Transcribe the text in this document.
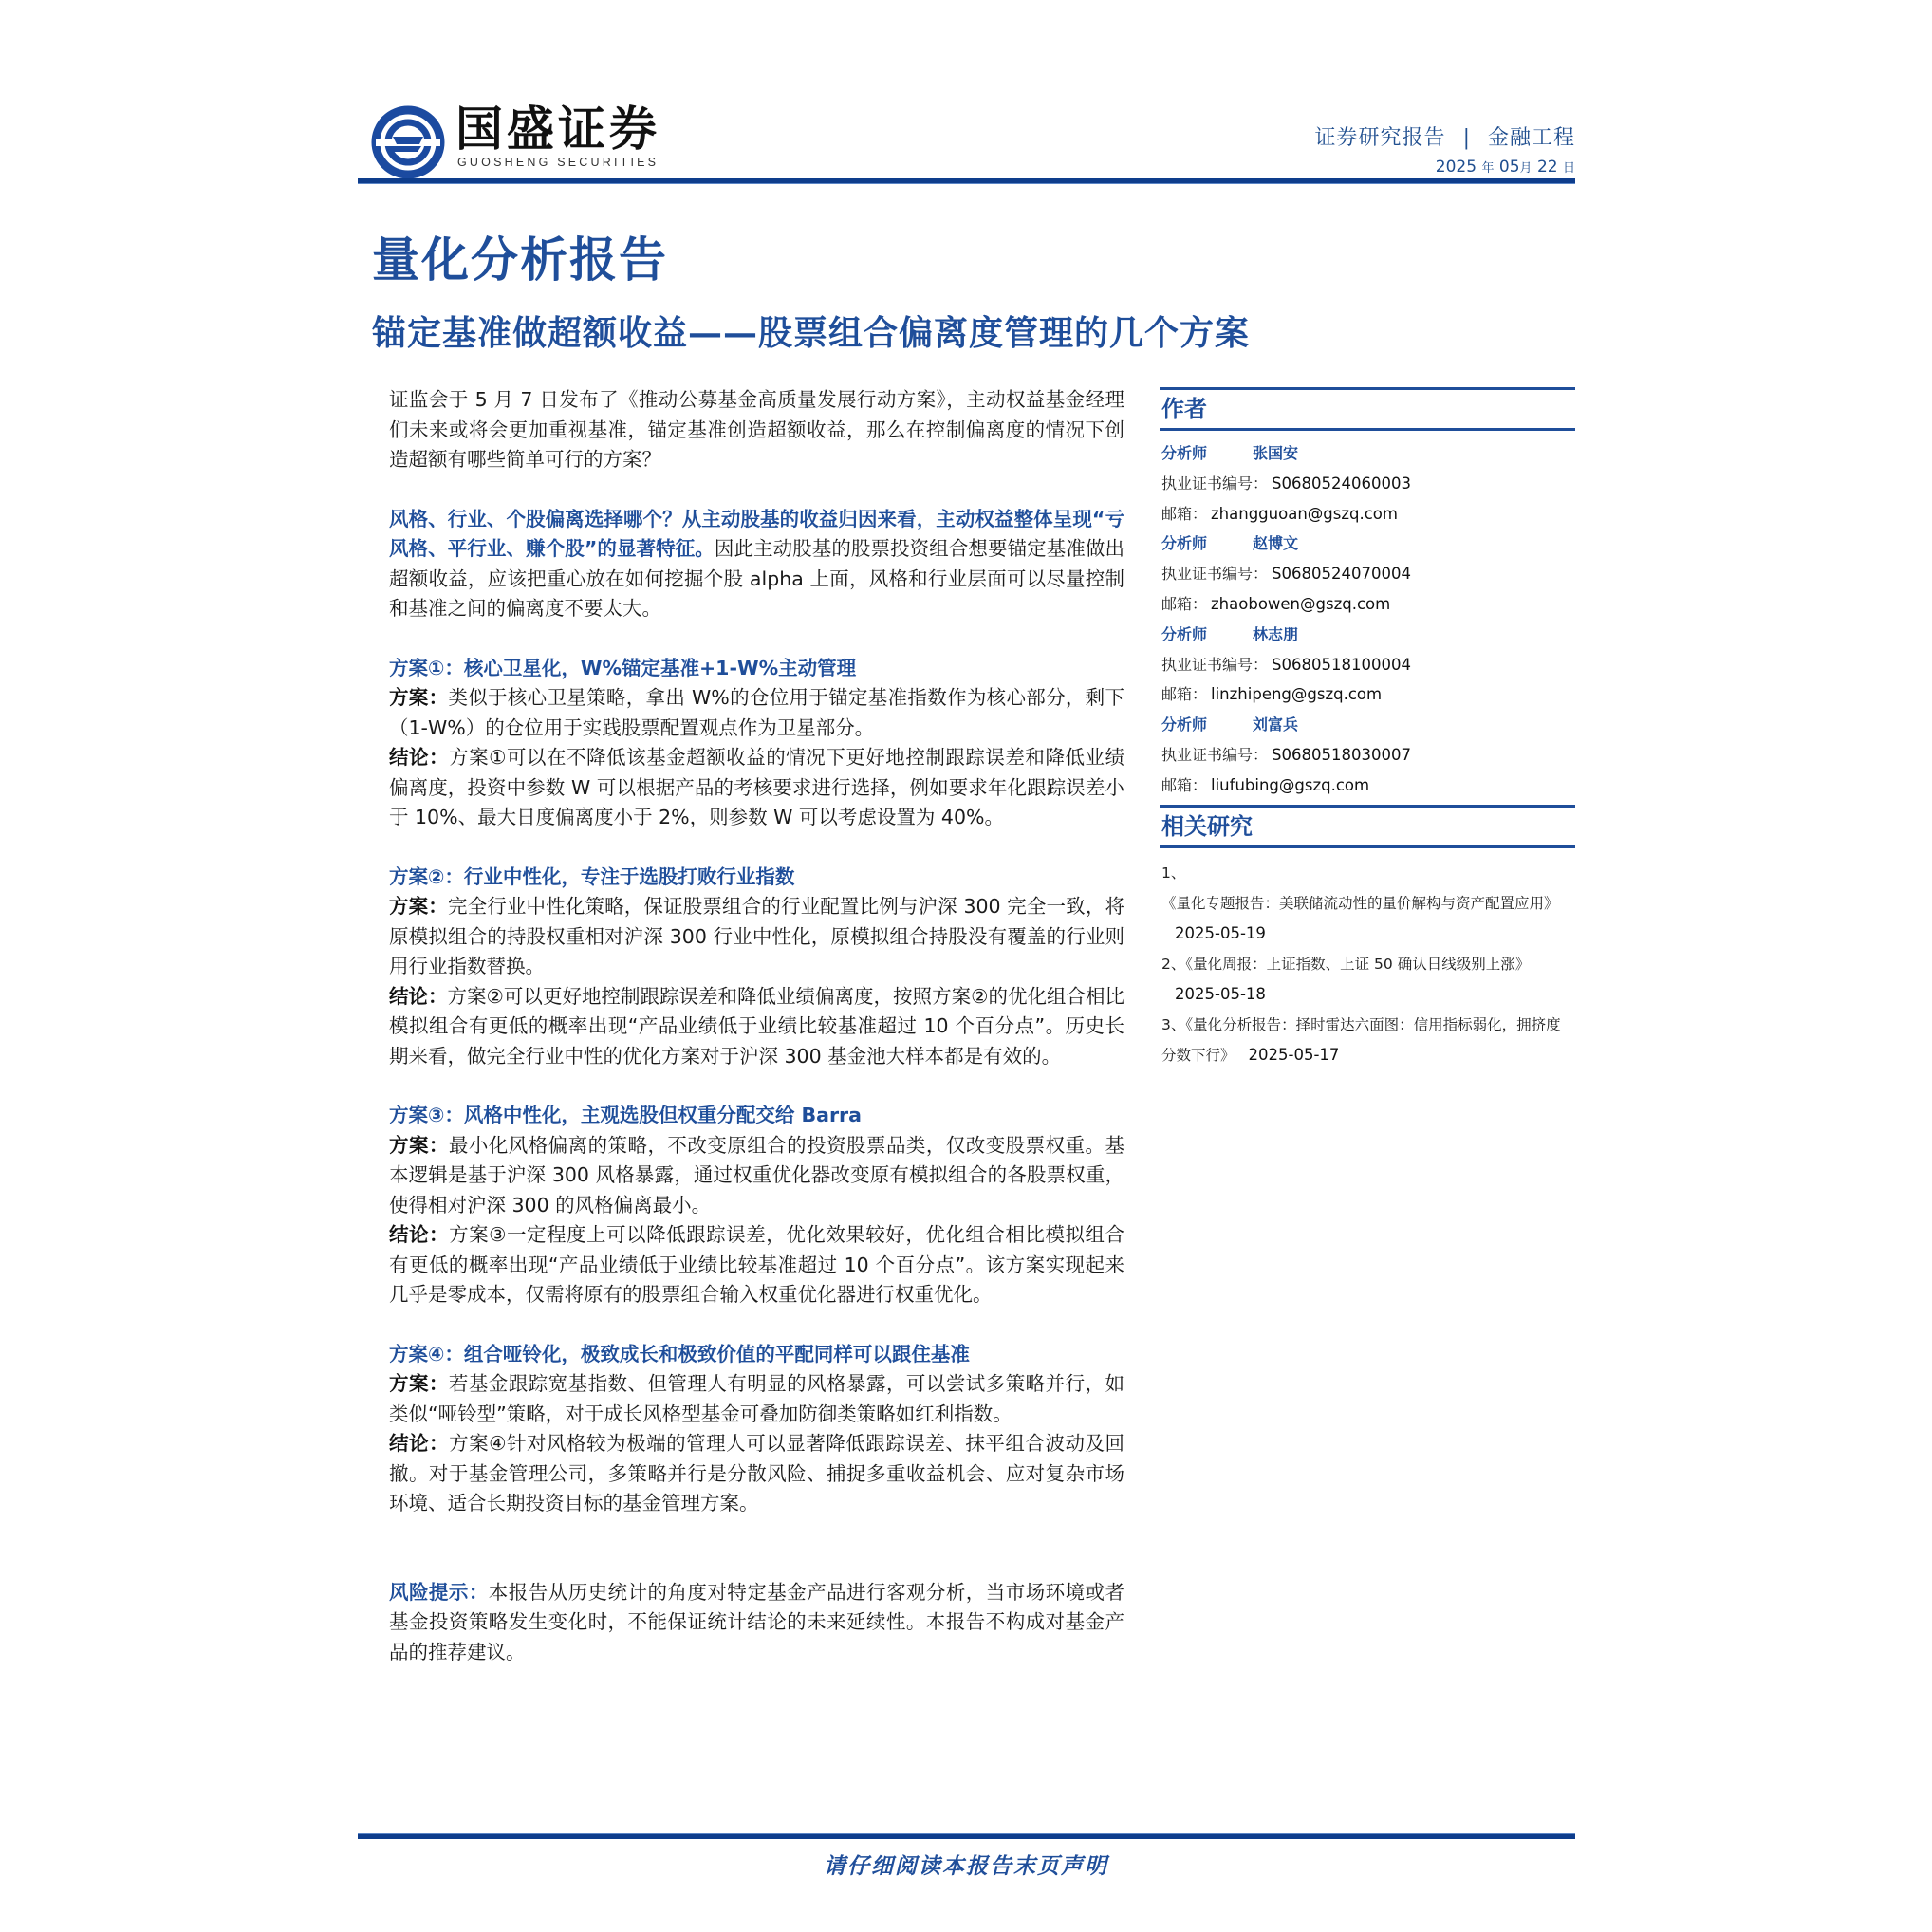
国盛证券
GUOSHENG SECURITIES
证券研究报告 | 金融工程
2025 年 05月 22 日
量化分析报告
锚定基准做超额收益——股票组合偏离度管理的几个方案

证监会于 5 月 7 日发布了《推动公募基金高质量发展行动方案》，主动权益基金经理们未来或将会更加重视基准，锚定基准创造超额收益，那么在控制偏离度的情况下创造超额有哪些简单可行的方案？

风格、行业、个股偏离选择哪个？从主动股基的收益归因来看，主动权益整体呈现“亏风格、平行业、赚个股”的显著特征。因此主动股基的股票投资组合想要锚定基准做出超额收益，应该把重心放在如何挖掘个股 alpha 上面，风格和行业层面可以尽量控制和基准之间的偏离度不要太大。

方案①：核心卫星化，W%锚定基准+1-W%主动管理

方案：类似于核心卫星策略，拿出 W%的仓位用于锚定基准指数作为核心部分，剩下（1-W%）的仓位用于实践股票配置观点作为卫星部分。

结论：方案①可以在不降低该基金超额收益的情况下更好地控制跟踪误差和降低业绩偏离度，投资中参数 W 可以根据产品的考核要求进行选择，例如要求年化跟踪误差小于 10%、最大日度偏离度小于 2%，则参数 W 可以考虑设置为 40%。

方案②：行业中性化，专注于选股打败行业指数

方案：完全行业中性化策略，保证股票组合的行业配置比例与沪深 300 完全一致，将原模拟组合的持股权重相对沪深 300 行业中性化，原模拟组合持股没有覆盖的行业则用行业指数替换。

结论：方案②可以更好地控制跟踪误差和降低业绩偏离度，按照方案②的优化组合相比模拟组合有更低的概率出现“产品业绩低于业绩比较基准超过 10 个百分点”。历史长期来看，做完全行业中性的优化方案对于沪深 300 基金池大样本都是有效的。

方案③：风格中性化，主观选股但权重分配交给 Barra

方案：最小化风格偏离的策略，不改变原组合的投资股票品类，仅改变股票权重。基本逻辑是基于沪深 300 风格暴露，通过权重优化器改变原有模拟组合的各股票权重，使得相对沪深 300 的风格偏离最小。

结论：方案③一定程度上可以降低跟踪误差，优化效果较好，优化组合相比模拟组合有更低的概率出现“产品业绩低于业绩比较基准超过 10 个百分点”。该方案实现起来几乎是零成本，仅需将原有的股票组合输入权重优化器进行权重优化。

方案④：组合哑铃化，极致成长和极致价值的平配同样可以跟住基准

方案：若基金跟踪宽基指数、但管理人有明显的风格暴露，可以尝试多策略并行，如类似“哑铃型”策略，对于成长风格型基金可叠加防御类策略如红利指数。

结论：方案④针对风格较为极端的管理人可以显著降低跟踪误差、抹平组合波动及回撤。对于基金管理公司，多策略并行是分散风险、捕捉多重收益机会、应对复杂市场环境、适合长期投资目标的基金管理方案。

风险提示：本报告从历史统计的角度对特定基金产品进行客观分析，当市场环境或者基金投资策略发生变化时，不能保证统计结论的未来延续性。本报告不构成对基金产品的推荐建议。

作者
分析师	张国安
执业证书编号： S0680524060003
邮箱： zhangguoan@gszq.com
分析师	赵博文
执业证书编号： S0680524070004
邮箱： zhaobowen@gszq.com
分析师	林志朋
执业证书编号： S0680518100004
邮箱： linzhipeng@gszq.com
分析师	刘富兵
执业证书编号： S0680518030007
邮箱： liufubing@gszq.com
相关研究
1、《量化专题报告：美联储流动性的量价解构与资产配置应用》2025-05-19
2、《量化周报：上证指数、上证 50 确认日线级别上涨》2025-05-18
3、《量化分析报告：择时雷达六面图：信用指标弱化，拥挤度分数下行》 2025-05-17
请仔细阅读本报告末页声明
